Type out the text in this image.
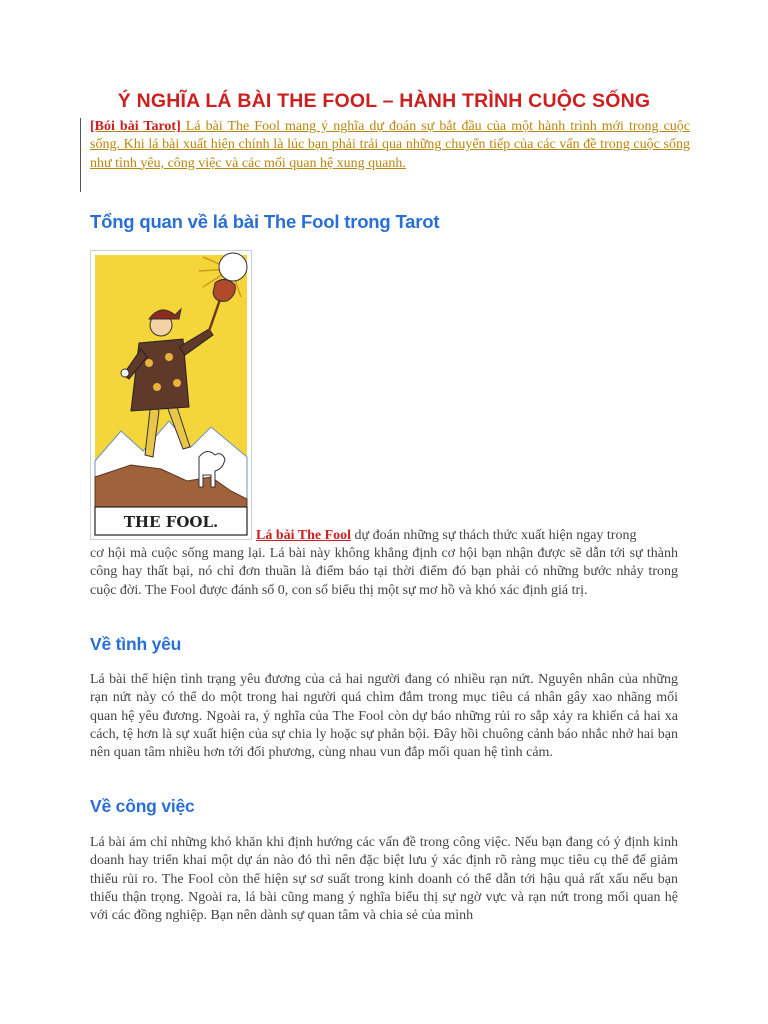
Ý NGHĨA LÁ BÀI THE FOOL – HÀNH TRÌNH CUỘC SỐNG
[Bói bài Tarot] Lá bài The Fool mang ý nghĩa dự đoán sự bắt đầu của một hành trình mới trong cuộc sống. Khi lá bài xuất hiện chính là lúc bạn phải trải qua những chuyển tiếp của các vấn đề trong cuộc sống như tình yêu, công việc và các mối quan hệ xung quanh.
Tổng quan về lá bài The Fool trong Tarot
THE FOOL.
Lá bài The Fool dự đoán những sự thách thức xuất hiện ngay trong
cơ hội mà cuộc sống mang lại. Lá bài này không khẳng định cơ hội bạn nhận được sẽ dẫn tới sự thành công hay thất bại, nó chỉ đơn thuần là điểm báo tại thời điểm đó bạn phải có những bước nhảy trong cuộc đời. The Fool được đánh số 0, con số biểu thị một sự mơ hồ và khó xác định giá trị.
Về tình yêu
Lá bài thể hiện tình trạng yêu đương của cả hai người đang có nhiều rạn nứt. Nguyên nhân của những rạn nứt này có thể do một trong hai người quá chìm đắm trong mục tiêu cá nhân gây xao nhãng mối quan hệ yêu đương. Ngoài ra, ý nghĩa của The Fool còn dự báo những rủi ro sắp xảy ra khiến cả hai xa cách, tệ hơn là sự xuất hiện của sự chia ly hoặc sự phản bội. Đây hồi chuông cảnh báo nhắc nhở hai bạn nên quan tâm nhiều hơn tới đối phương, cùng nhau vun đắp mối quan hệ tình cảm.
Về công việc
Lá bài ám chỉ những khó khăn khi định hướng các vấn đề trong công việc. Nếu bạn đang có ý định kinh doanh hay triển khai một dự án nào đó thì nên đặc biệt lưu ý xác định rõ ràng mục tiêu cụ thể để giảm thiểu rủi ro. The Fool còn thể hiện sự sơ suất trong kinh doanh có thể dẫn tới hậu quả rất xấu nếu bạn thiếu thận trọng. Ngoài ra, lá bài cũng mang ý nghĩa biểu thị sự ngờ vực và rạn nứt trong mối quan hệ với các đồng nghiệp. Bạn nên dành sự quan tâm và chia sẻ của mình
